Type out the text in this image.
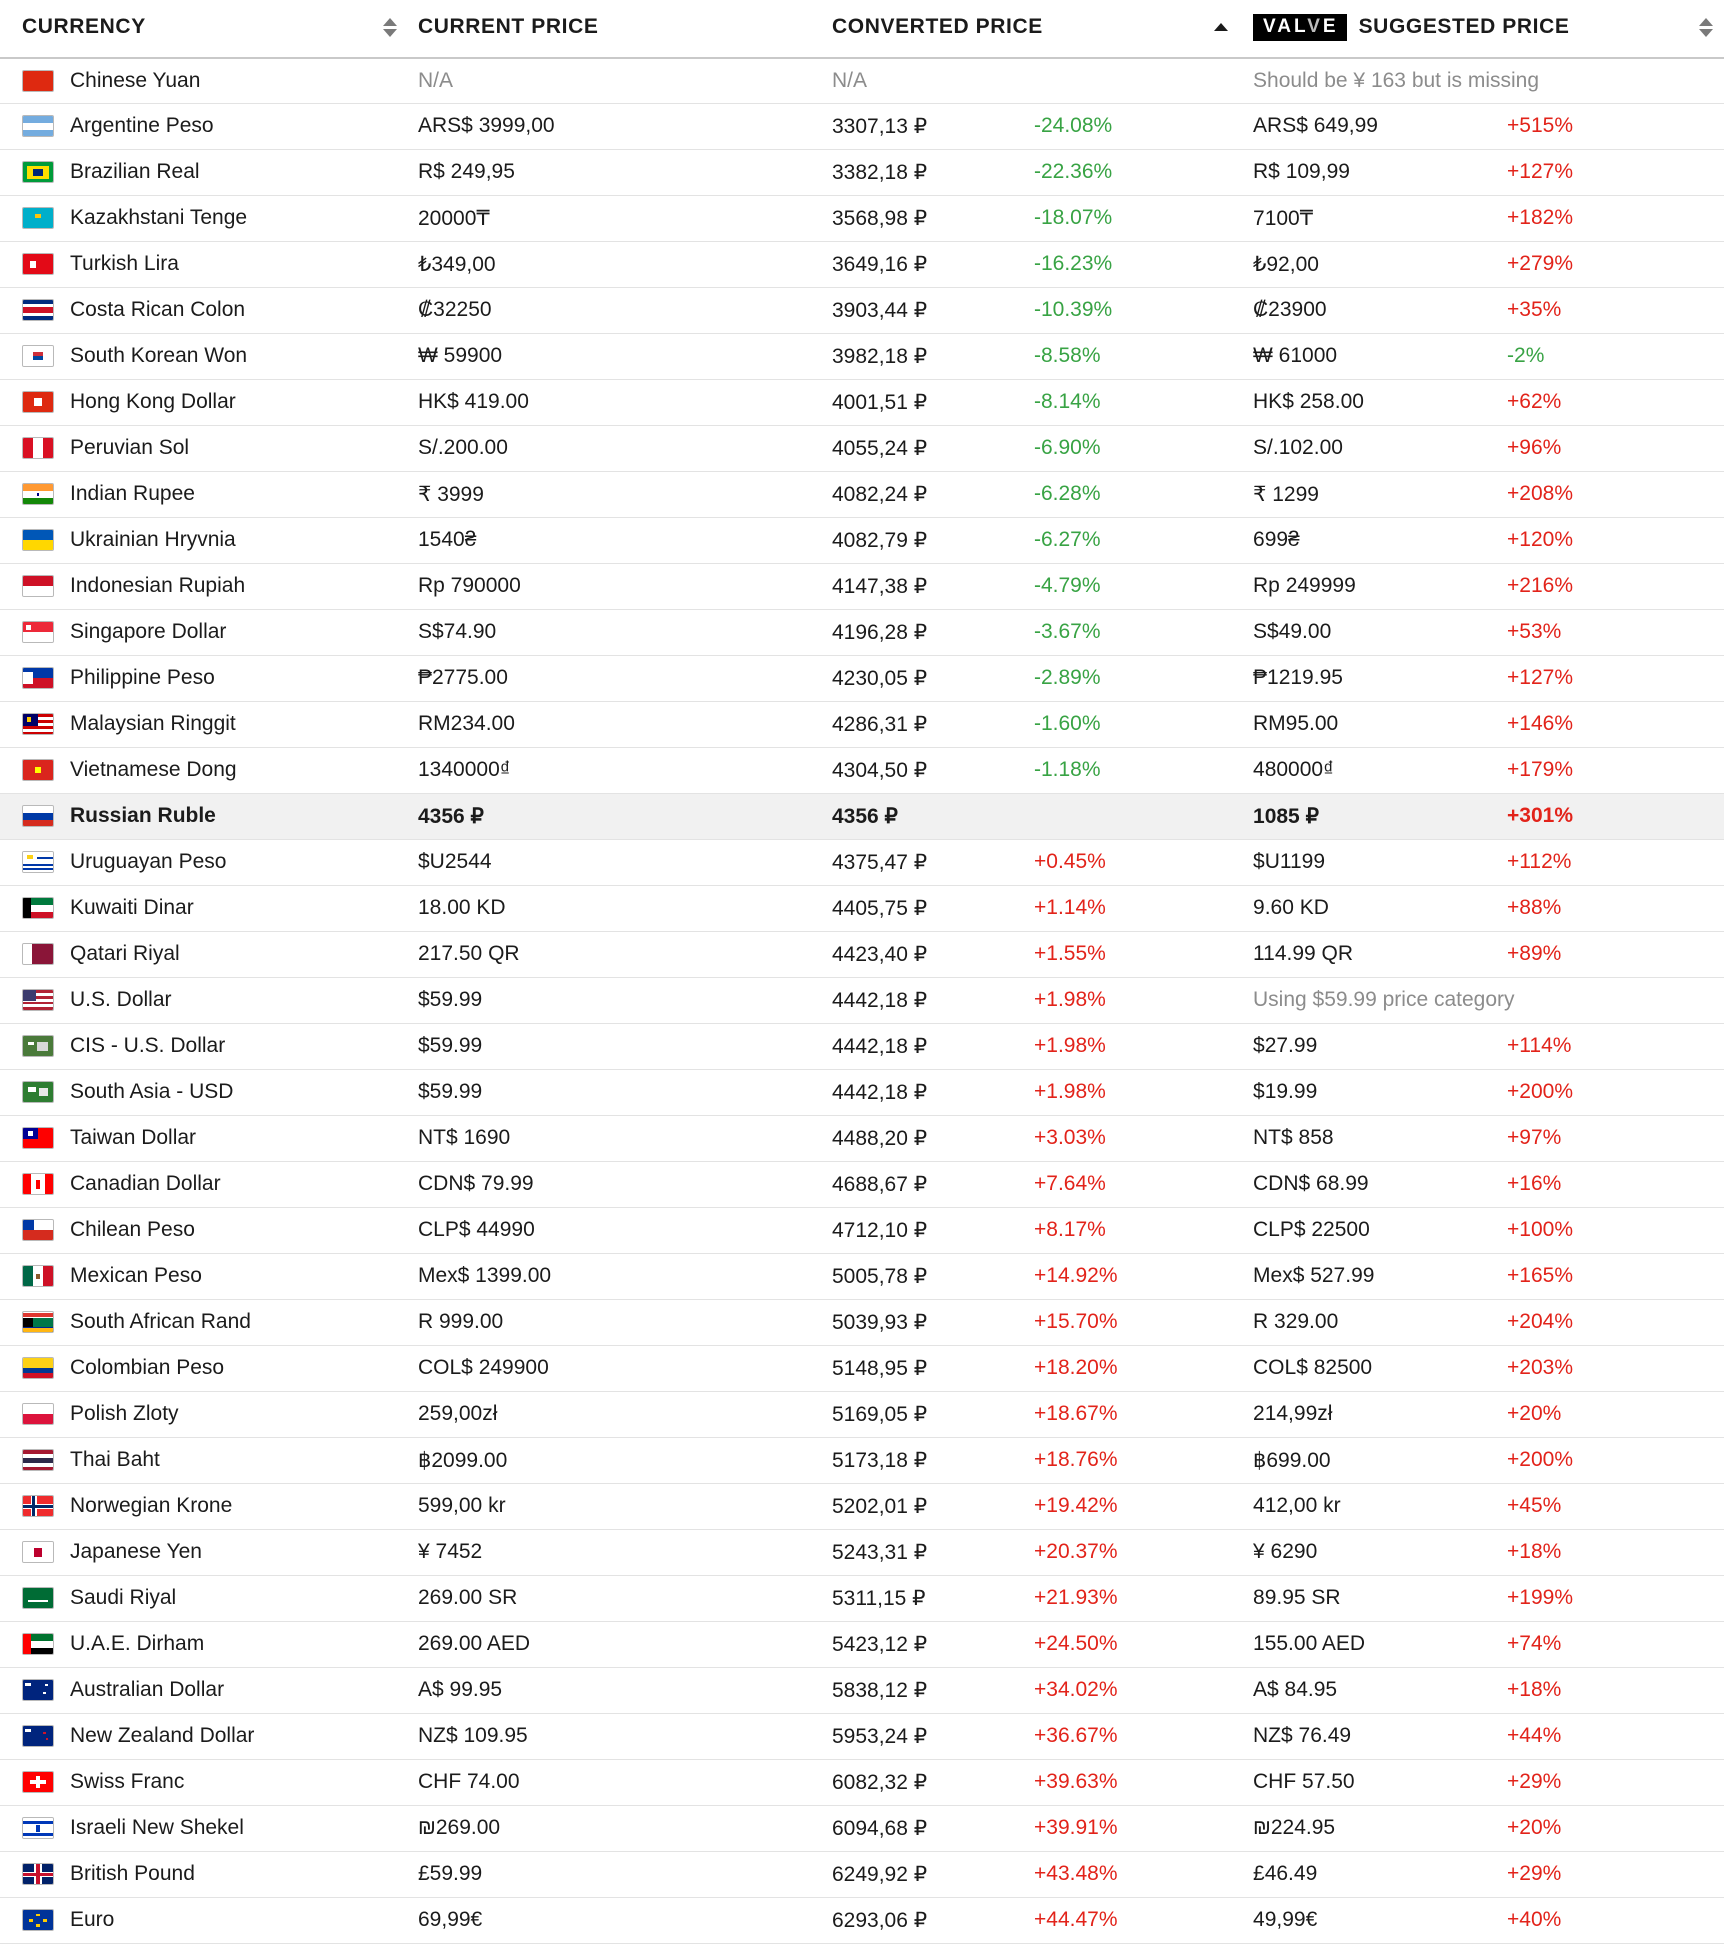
CURRENCY	CURRENT PRICE	CONVERTED PRICE		VALVE SUGGESTED PRICE	

Chinese Yuan	N/A	N/A		Should be ¥ 163 but is missing	

Argentine Peso	ARS$ 3999,00	3307,13 ₽	-24.08%	ARS$ 649,99	+515%

Brazilian Real	R$ 249,95	3382,18 ₽	-22.36%	R$ 109,99	+127%

Kazakhstani Tenge	20000₸	3568,98 ₽	-18.07%	7100₸	+182%

Turkish Lira	₺349,00	3649,16 ₽	-16.23%	₺92,00	+279%

Costa Rican Colon	₡32250	3903,44 ₽	-10.39%	₡23900	+35%

South Korean Won	₩ 59900	3982,18 ₽	-8.58%	₩ 61000	-2%

Hong Kong Dollar	HK$ 419.00	4001,51 ₽	-8.14%	HK$ 258.00	+62%

Peruvian Sol	S/.200.00	4055,24 ₽	-6.90%	S/.102.00	+96%

Indian Rupee	₹ 3999	4082,24 ₽	-6.28%	₹ 1299	+208%

Ukrainian Hryvnia	1540₴	4082,79 ₽	-6.27%	699₴	+120%

Indonesian Rupiah	Rp 790000	4147,38 ₽	-4.79%	Rp 249999	+216%

Singapore Dollar	S$74.90	4196,28 ₽	-3.67%	S$49.00	+53%

Philippine Peso	₱2775.00	4230,05 ₽	-2.89%	₱1219.95	+127%

Malaysian Ringgit	RM234.00	4286,31 ₽	-1.60%	RM95.00	+146%

Vietnamese Dong	1340000₫	4304,50 ₽	-1.18%	480000₫	+179%

Russian Ruble	4356 ₽	4356 ₽		1085 ₽	+301%

Uruguayan Peso	$U2544	4375,47 ₽	+0.45%	$U1199	+112%

Kuwaiti Dinar	18.00 KD	4405,75 ₽	+1.14%	9.60 KD	+88%

Qatari Riyal	217.50 QR	4423,40 ₽	+1.55%	114.99 QR	+89%

U.S. Dollar	$59.99	4442,18 ₽	+1.98%	Using $59.99 price category	

CIS - U.S. Dollar	$59.99	4442,18 ₽	+1.98%	$27.99	+114%

South Asia - USD	$59.99	4442,18 ₽	+1.98%	$19.99	+200%

Taiwan Dollar	NT$ 1690	4488,20 ₽	+3.03%	NT$ 858	+97%

Canadian Dollar	CDN$ 79.99	4688,67 ₽	+7.64%	CDN$ 68.99	+16%

Chilean Peso	CLP$ 44990	4712,10 ₽	+8.17%	CLP$ 22500	+100%

Mexican Peso	Mex$ 1399.00	5005,78 ₽	+14.92%	Mex$ 527.99	+165%

South African Rand	R 999.00	5039,93 ₽	+15.70%	R 329.00	+204%

Colombian Peso	COL$ 249900	5148,95 ₽	+18.20%	COL$ 82500	+203%

Polish Zloty	259,00zł	5169,05 ₽	+18.67%	214,99zł	+20%

Thai Baht	฿2099.00	5173,18 ₽	+18.76%	฿699.00	+200%

Norwegian Krone	599,00 kr	5202,01 ₽	+19.42%	412,00 kr	+45%

Japanese Yen	¥ 7452	5243,31 ₽	+20.37%	¥ 6290	+18%

Saudi Riyal	269.00 SR	5311,15 ₽	+21.93%	89.95 SR	+199%

U.A.E. Dirham	269.00 AED	5423,12 ₽	+24.50%	155.00 AED	+74%

Australian Dollar	A$ 99.95	5838,12 ₽	+34.02%	A$ 84.95	+18%

New Zealand Dollar	NZ$ 109.95	5953,24 ₽	+36.67%	NZ$ 76.49	+44%

Swiss Franc	CHF 74.00	6082,32 ₽	+39.63%	CHF 57.50	+29%

Israeli New Shekel	₪269.00	6094,68 ₽	+39.91%	₪224.95	+20%

British Pound	£59.99	6249,92 ₽	+43.48%	£46.49	+29%

Euro	69,99€	6293,06 ₽	+44.47%	49,99€	+40%
